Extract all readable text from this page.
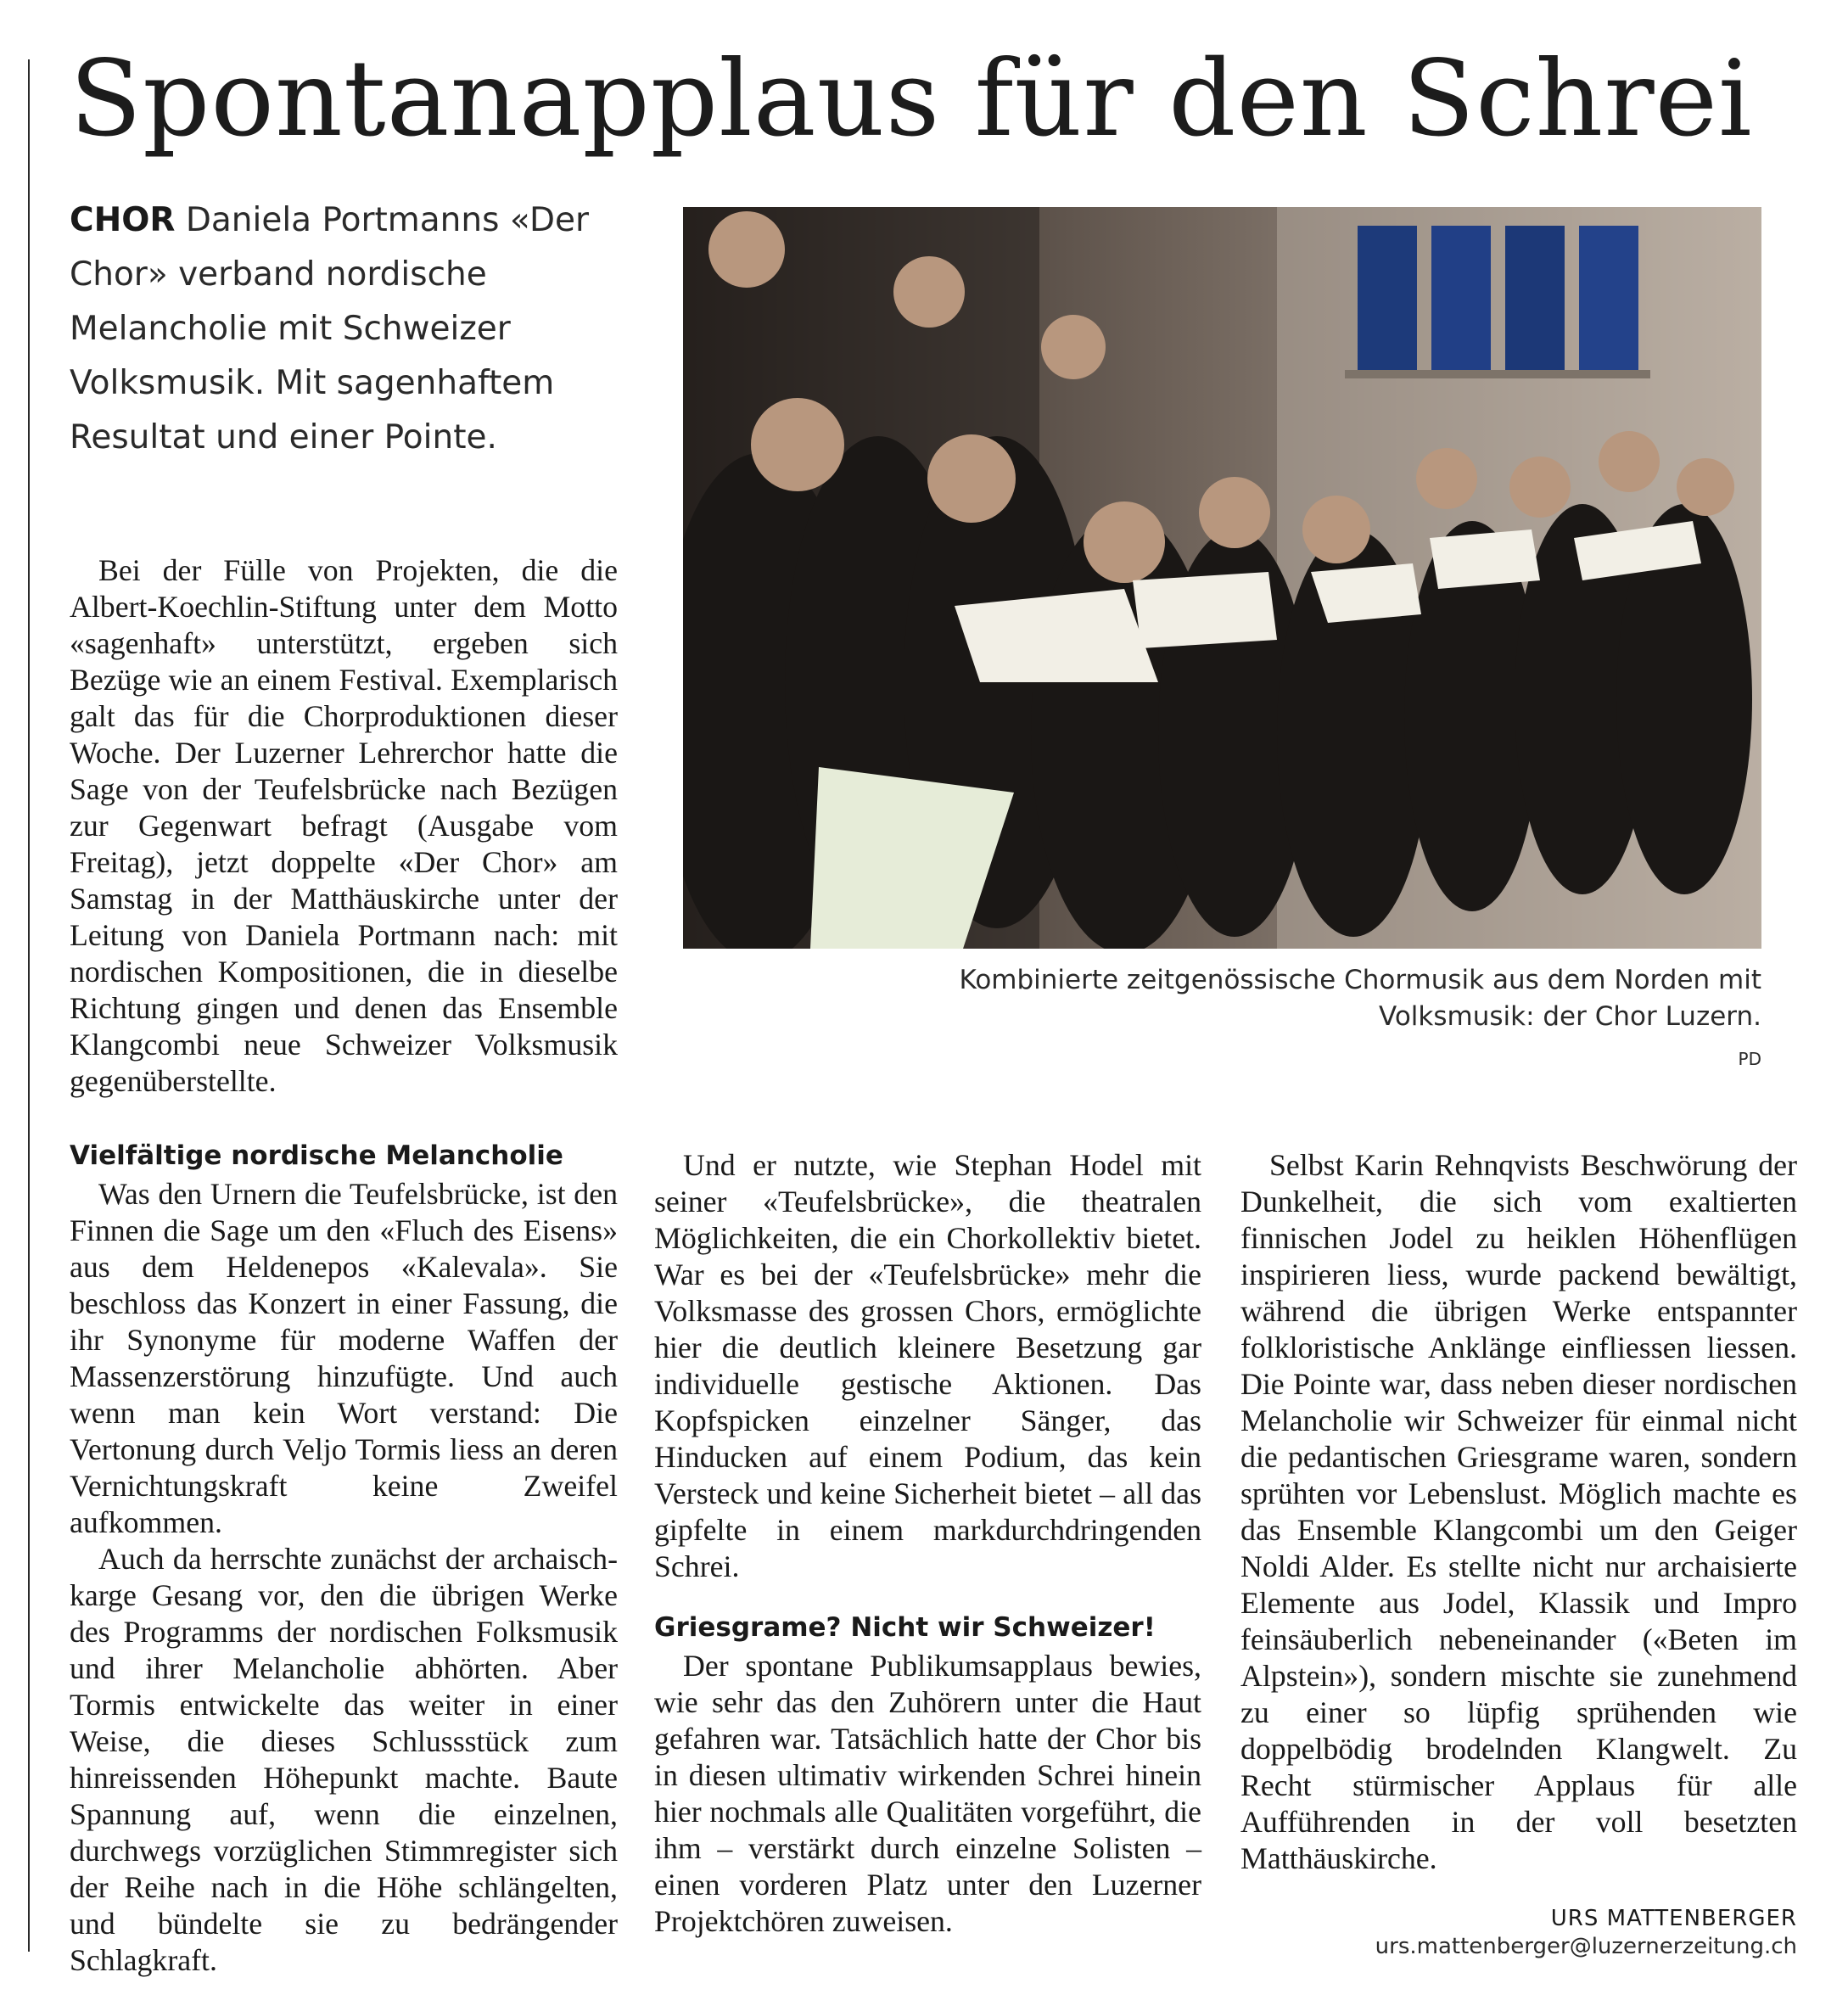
Spontanapplaus für den Schrei
CHOR Daniela Portmanns «Der Chor» verband nordische Melancholie mit Schweizer Volksmusik. Mit sagenhaftem Resultat und einer Pointe.

Bei der Fülle von Projekten, die die Albert-Koechlin-Stiftung unter dem Motto «sagenhaft» unterstützt, ergeben sich Bezüge wie an einem Festival. Exemplarisch galt das für die Chorproduktionen dieser Woche. Der Luzerner Lehrerchor hatte die Sage von der Teufelsbrücke nach Bezügen zur Gegenwart befragt (Ausgabe vom Freitag), jetzt doppelte «Der Chor» am Samstag in der Matthäuskirche unter der Leitung von Daniela Portmann nach: mit nordischen Kompositionen, die in dieselbe Richtung gingen und denen das Ensemble Klangcombi neue Schweizer Volksmusik gegenüberstellte.

Vielfältige nordische Melancholie

Was den Urnern die Teufelsbrücke, ist den Finnen die Sage um den «Fluch des Eisens» aus dem Heldenepos «Kalevala». Sie beschloss das Konzert in einer Fassung, die ihr Synonyme für moderne Waffen der Massenzerstörung hinzufügte. Und auch wenn man kein Wort verstand: Die Vertonung durch Veljo Tormis liess an deren Vernichtungskraft keine Zweifel aufkommen.

Auch da herrschte zunächst der archaisch-karge Gesang vor, den die übrigen Werke des Programms der nordischen Folksmusik und ihrer Melancholie abhörten. Aber Tormis entwickelte das weiter in einer Weise, die dieses Schlussstück zum hinreissenden Höhepunkt machte. Baute Spannung auf, wenn die einzelnen, durchwegs vorzüglichen Stimmregister sich der Reihe nach in die Höhe schlängelten, und bündelte sie zu bedrängender Schlagkraft.

Und er nutzte, wie Stephan Hodel mit seiner «Teufelsbrücke», die theatralen Möglichkeiten, die ein Chorkollektiv bietet. War es bei der «Teufelsbrücke» mehr die Volksmasse des grossen Chors, ermöglichte hier die deutlich kleinere Besetzung gar individuelle gestische Aktionen. Das Kopfspicken einzelner Sänger, das Hinducken auf einem Podium, das kein Versteck und keine Sicherheit bietet – all das gipfelte in einem markdurchdringenden Schrei.

Griesgrame? Nicht wir Schweizer!

Der spontane Publikumsapplaus bewies, wie sehr das den Zuhörern unter die Haut gefahren war. Tatsächlich hatte der Chor bis in diesen ultimativ wirkenden Schrei hinein hier nochmals alle Qualitäten vorgeführt, die ihm – verstärkt durch einzelne Solisten – einen vorderen Platz unter den Luzerner Projektchören zuweisen.

Selbst Karin Rehnqvists Beschwörung der Dunkelheit, die sich vom exaltierten finnischen Jodel zu heiklen Höhenflügen inspirieren liess, wurde packend bewältigt, während die übrigen Werke entspannter folkloristische Anklänge einfliessen liessen. Die Pointe war, dass neben dieser nordischen Melancholie wir Schweizer für einmal nicht die pedantischen Griesgrame waren, sondern sprühten vor Lebenslust. Möglich machte es das Ensemble Klangcombi um den Geiger Noldi Alder. Es stellte nicht nur archaisierte Elemente aus Jodel, Klassik und Impro feinsäuberlich nebeneinander («Beten im Alpstein»), sondern mischte sie zunehmend zu einer so lüpfig sprühenden wie doppelbödig brodelnden Klangwelt. Zu Recht stürmischer Applaus für alle Aufführenden in der voll besetzten Matthäuskirche.

Kombinierte zeitgenössische Chormusik aus dem Norden mit Volksmusik: der Chor Luzern.
PD
URS MATTENBERGER
urs.mattenberger@luzernerzeitung.ch
